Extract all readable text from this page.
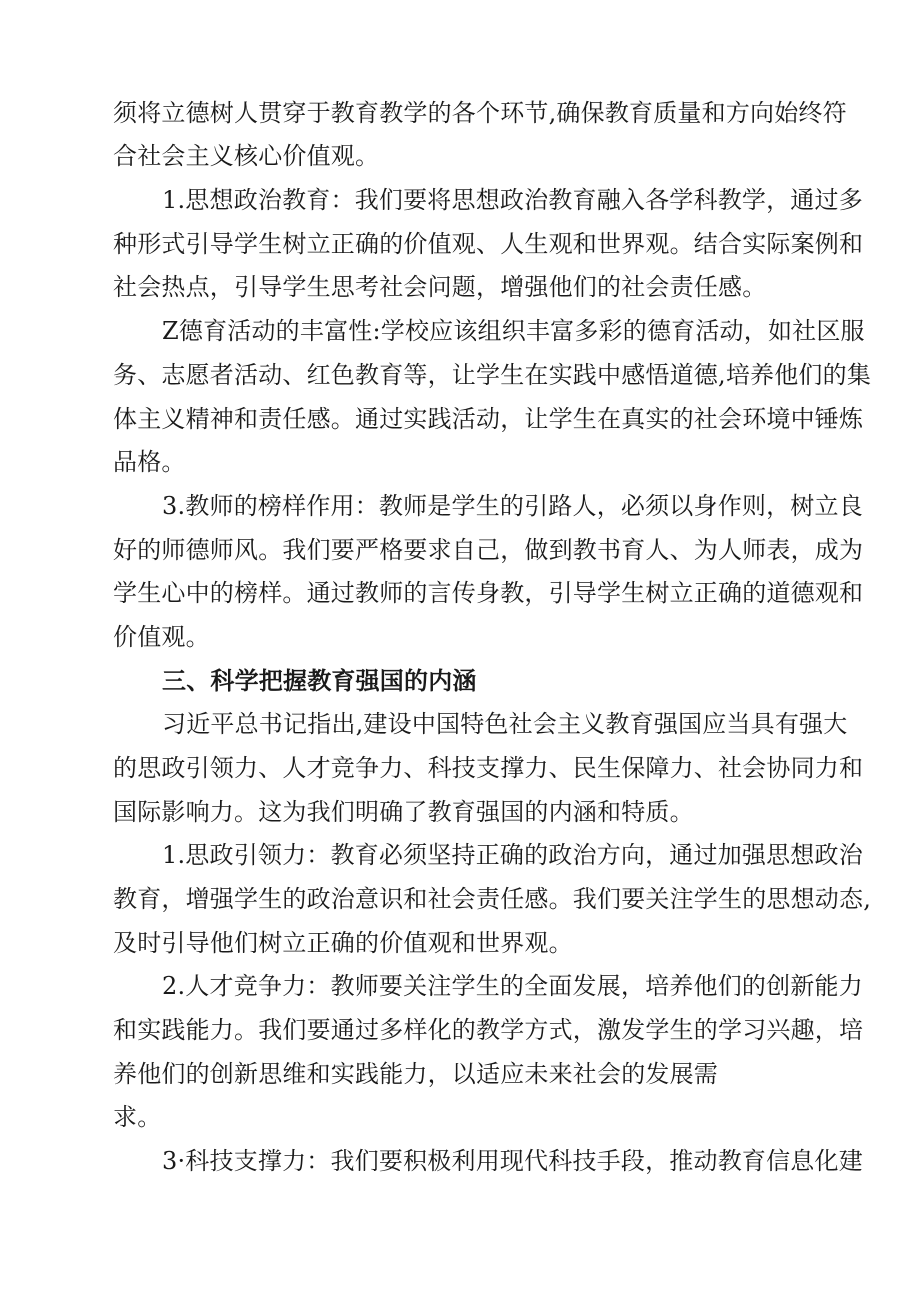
须将立德树人贯穿于教育教学的各个环节,确保教育质量和方向始终符
合社会主义核心价值观。
1.思想政治教育：我们要将思想政治教育融入各学科教学，通过多
种形式引导学生树立正确的价值观、人生观和世界观。结合实际案例和
社会热点，引导学生思考社会问题，增强他们的社会责任感。
Z德育活动的丰富性:学校应该组织丰富多彩的德育活动，如社区服
务、志愿者活动、红色教育等，让学生在实践中感悟道德,培养他们的集
体主义精神和责任感。通过实践活动，让学生在真实的社会环境中锤炼
品格。
3.教师的榜样作用：教师是学生的引路人，必须以身作则，树立良
好的师德师风。我们要严格要求自己，做到教书育人、为人师表，成为
学生心中的榜样。通过教师的言传身教，引导学生树立正确的道德观和
价值观。
三、科学把握教育强国的内涵
习近平总书记指出,建设中国特色社会主义教育强国应当具有强大
的思政引领力、人才竞争力、科技支撑力、民生保障力、社会协同力和
国际影响力。这为我们明确了教育强国的内涵和特质。
1.思政引领力：教育必须坚持正确的政治方向，通过加强思想政治
教育，增强学生的政治意识和社会责任感。我们要关注学生的思想动态,
及时引导他们树立正确的价值观和世界观。
2.人才竞争力：教师要关注学生的全面发展，培养他们的创新能力
和实践能力。我们要通过多样化的教学方式，激发学生的学习兴趣，培
养他们的创新思维和实践能力，以适应未来社会的发展需
求。
3·科技支撑力：我们要积极利用现代科技手段，推动教育信息化建
